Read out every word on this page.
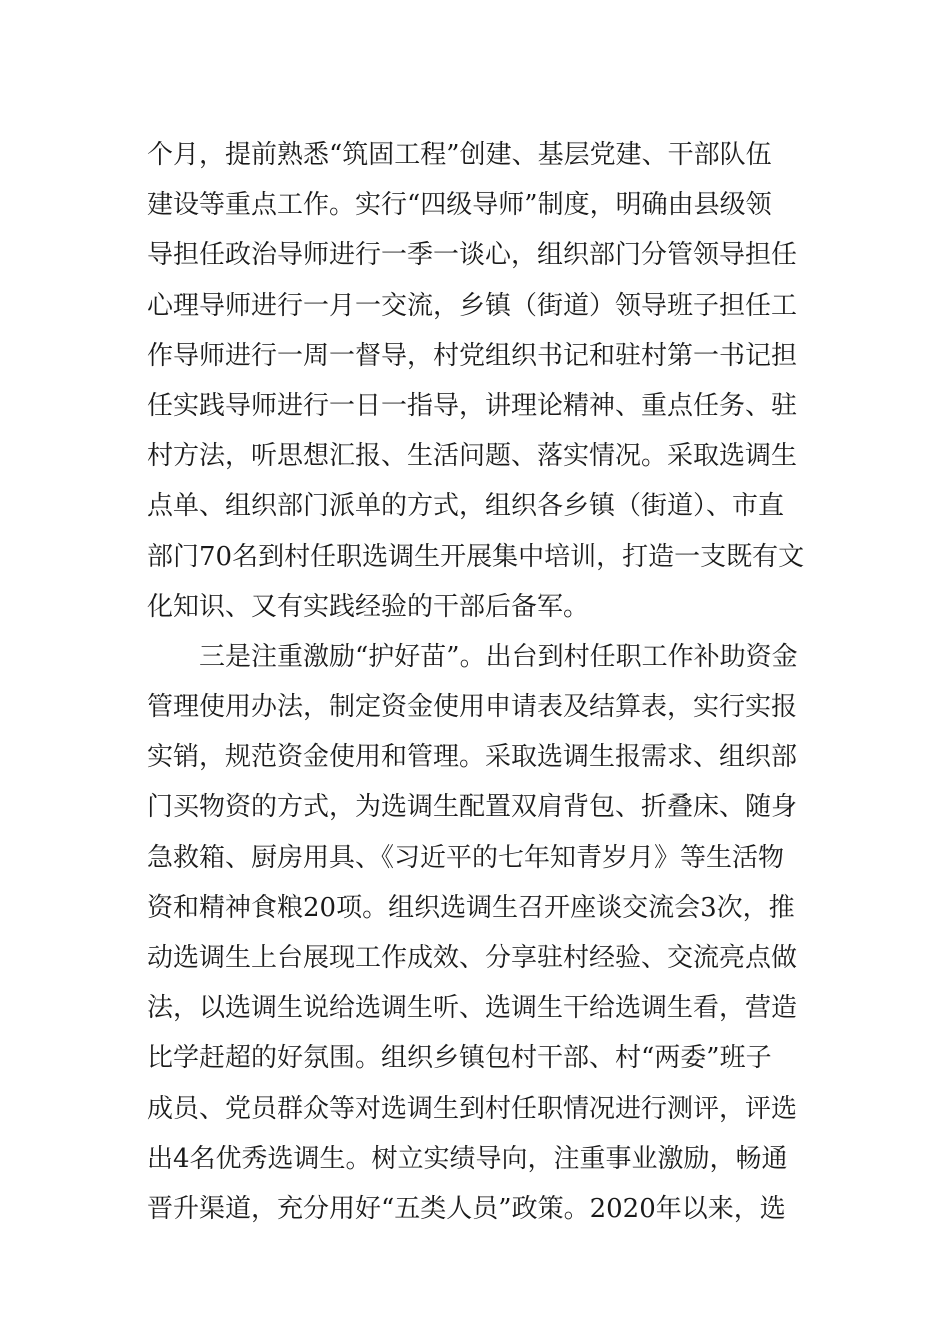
个月，提前熟悉“筑固工程”创建、基层党建、干部队伍
建设等重点工作。实行“四级导师”制度，明确由县级领
导担任政治导师进行一季一谈心，组织部门分管领导担任
心理导师进行一月一交流，乡镇（街道）领导班子担任工
作导师进行一周一督导，村党组织书记和驻村第一书记担
任实践导师进行一日一指导，讲理论精神、重点任务、驻
村方法，听思想汇报、生活问题、落实情况。采取选调生
点单、组织部门派单的方式，组织各乡镇（街道）、市直
部门70名到村任职选调生开展集中培训，打造一支既有文
化知识、又有实践经验的干部后备军。
三是注重激励“护好苗”。出台到村任职工作补助资金
管理使用办法，制定资金使用申请表及结算表，实行实报
实销，规范资金使用和管理。采取选调生报需求、组织部
门买物资的方式，为选调生配置双肩背包、折叠床、随身
急救箱、厨房用具、《习近平的七年知青岁月》等生活物
资和精神食粮20项。组织选调生召开座谈交流会3次，推
动选调生上台展现工作成效、分享驻村经验、交流亮点做
法，以选调生说给选调生听、选调生干给选调生看，营造
比学赶超的好氛围。组织乡镇包村干部、村“两委”班子
成员、党员群众等对选调生到村任职情况进行测评，评选
出4名优秀选调生。树立实绩导向，注重事业激励，畅通
晋升渠道，充分用好“五类人员”政策。2020年以来，选
